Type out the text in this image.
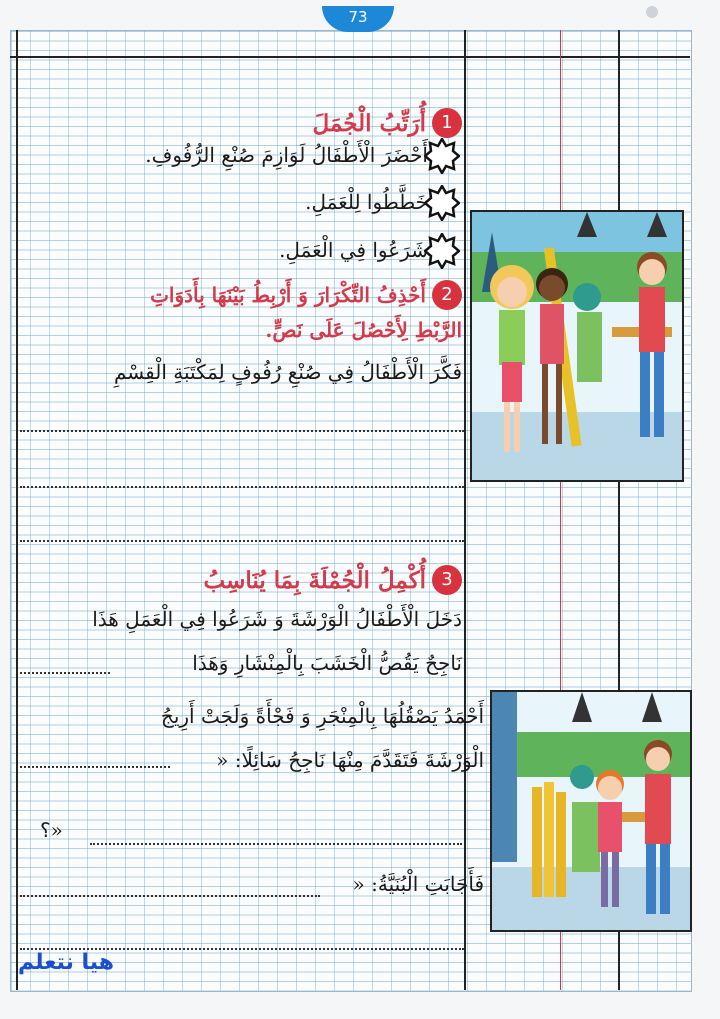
73
1
أُرَتِّبُ الْجُمَلَ
أَحْضَرَ الْأَطْفَالُ لَوَازِمَ صُنْعِ الرُّفُوفِ.
خَطَّطُوا لِلْعَمَلِ.
شَرَعُوا فِي الْعَمَلِ.
2
أَحْذِفُ التِّكْرَارَ وَ أَرْبِطُ بَيْنَهَا بِأَدَوَاتِ
الرَّبْطِ لِأَحْصُلَ عَلَى نَصٍّ.
فَكَّرَ الْأَطْفَالُ فِي صُنْعِ رُفُوفٍ لِمَكْتَبَةِ الْقِسْمِ
3
أُكْمِلُ الْجُمْلَةَ بِمَا يُنَاسِبُ
دَخَلَ الْأَطْفَالُ الْوَرْشَةَ وَ شَرَعُوا فِي الْعَمَلِ هَذَا
نَاجِحٌ يَقُصُّ الْخَشَبَ بِالْمِنْشَارِ وَهَذَا
أَحْمَدُ يَصْقُلُهَا بِالْمِنْجَرِ وَ فَجْأَةً وَلَجَتْ أَرِيجُ
الْوَرْشَةَ فَتَقَدَّمَ مِنْهَا نَاجِحُ سَائِلًا: «
؟»
فَأَجَابَتِ الْبُنَيَّةُ: «
هيا نتعلم
